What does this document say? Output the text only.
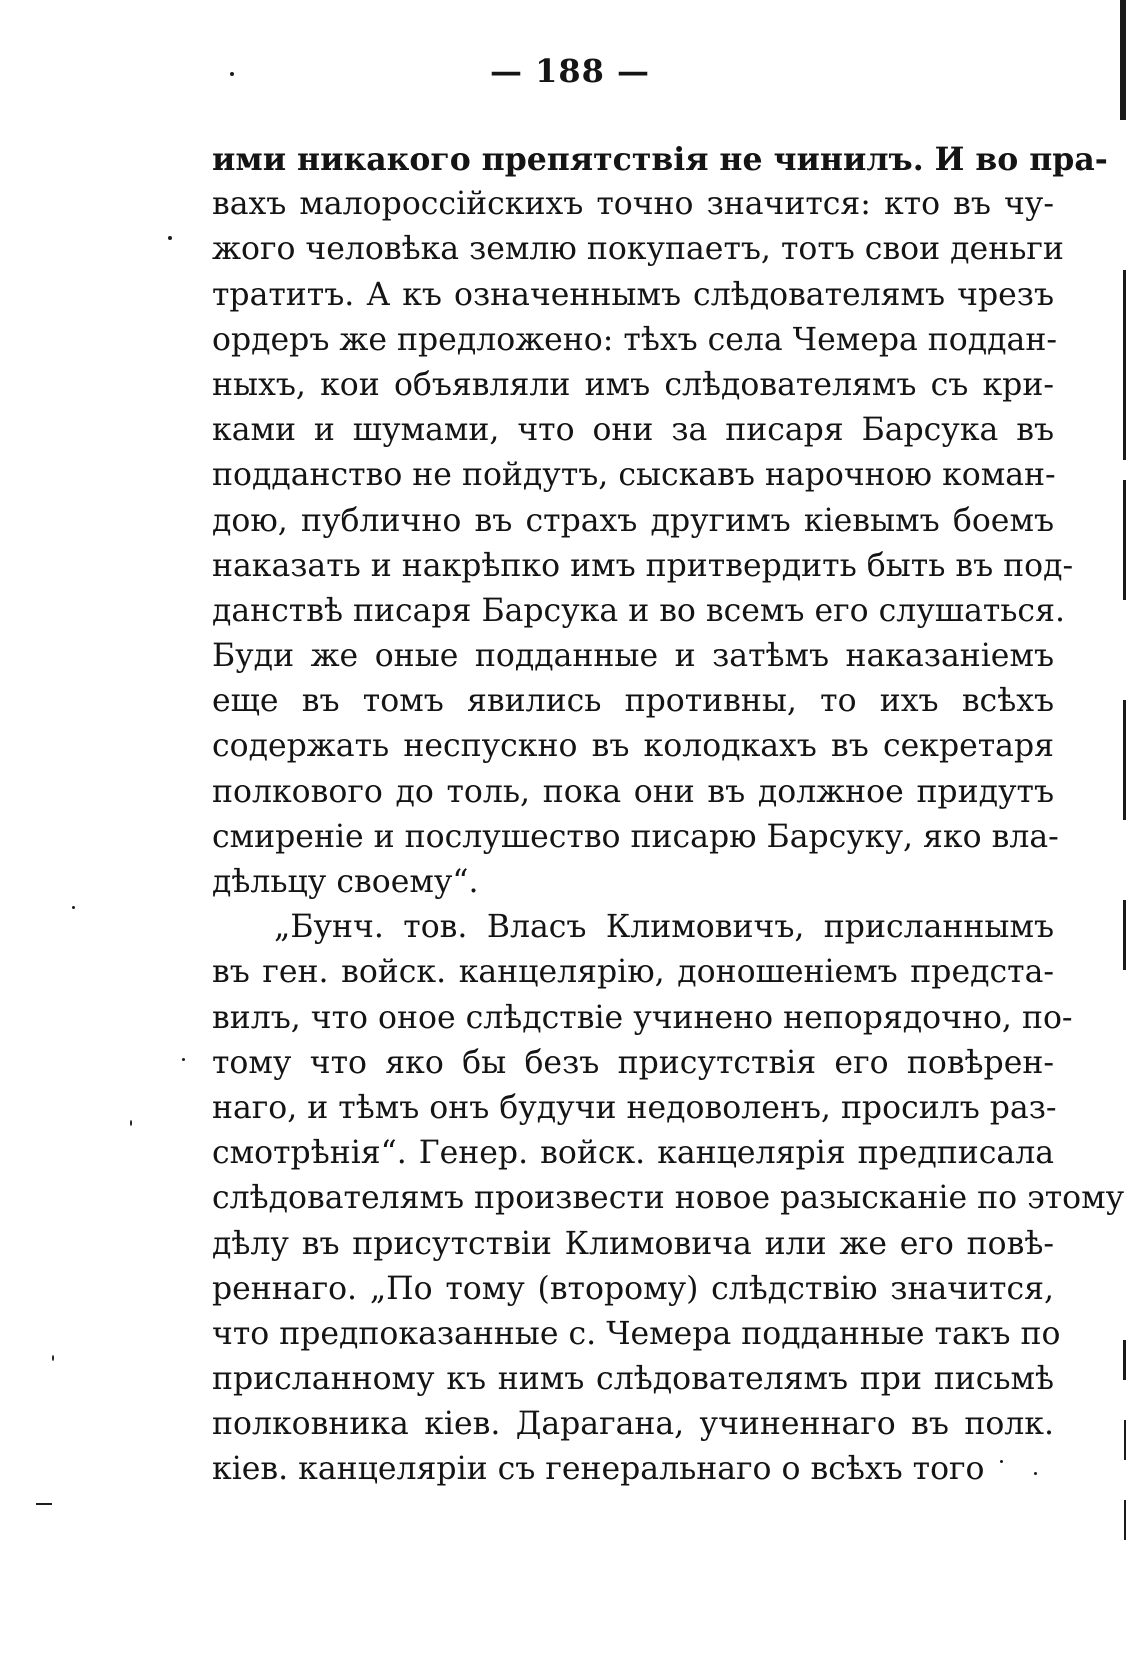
— 188 —
ими никакого препятствія не чинилъ. И во пра-
вахъ малороссійскихъ точно значится: кто въ чу-
жого человѣка землю покупаетъ, тотъ свои деньги
тратитъ. А къ означеннымъ слѣдователямъ чрезъ
ордеръ же предложено: тѣхъ села Чемера поддан-
ныхъ, кои объявляли имъ слѣдователямъ съ кри-
ками и шумами, что они за писаря Барсука въ
подданство не пойдутъ, сыскавъ нарочною коман-
дою, публично въ страхъ другимъ кіевымъ боемъ
наказать и накрѣпко имъ притвердить быть въ под-
данствѣ писаря Барсука и во всемъ его слушаться.
Буди же оные подданные и затѣмъ наказаніемъ
еще въ томъ явились противны, то ихъ всѣхъ
содержать неспускно въ колодкахъ въ секретаря
полкового до толь, пока они въ должное придутъ
смиреніе и послушество писарю Барсуку, яко вла-
дѣльцу своему“.
„Бунч. тов. Власъ Климовичъ, присланнымъ
въ ген. войск. канцелярію, доношеніемъ предста-
вилъ, что оное слѣдствіе учинено непорядочно, по-
тому что яко бы безъ присутствія его повѣрен-
наго, и тѣмъ онъ будучи недоволенъ, просилъ раз-
смотрѣнія“. Генер. войск. канцелярія предписала
слѣдователямъ произвести новое разысканіе по этому
дѣлу въ присутствіи Климовича или же его повѣ-
реннаго. „По тому (второму) слѣдствію значится,
что предпоказанные с. Чемера подданные такъ по
присланному къ нимъ слѣдователямъ при письмѣ
полковника кіев. Дарагана, учиненнаго въ полк.
кіев. канцеляріи съ генеральнаго о всѣхъ того
